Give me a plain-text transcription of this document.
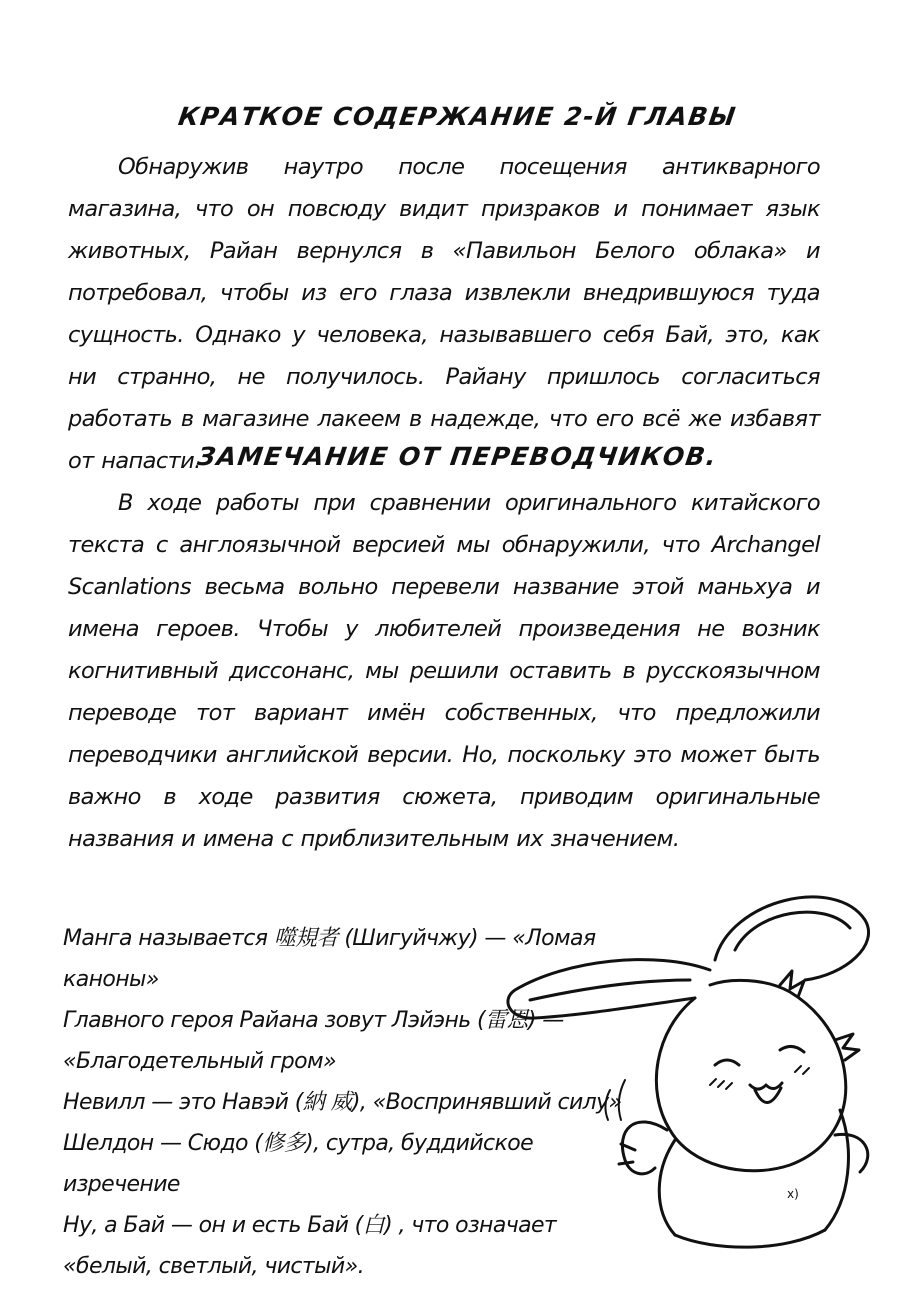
КРАТКОЕ СОДЕРЖАНИЕ 2-Й ГЛАВЫ
Обнаружив наутро после посещения антикварного магазина, что он повсюду видит призраков и понимает язык животных, Райан вернулся в «Павильон Белого облака» и потребовал, чтобы из его глаза извлекли внедрившуюся туда сущность. Однако у человека, называвшего себя Бай, это, как ни странно, не получилось. Райану пришлось согласиться работать в магазине лакеем в надежде, что его всё же избавят от напасти.
ЗАМЕЧАНИЕ ОТ ПЕРЕВОДЧИКОВ.
В ходе работы при сравнении оригинального китайского текста с англоязычной версией мы обнаружили, что Archangel Scanlations весьма вольно перевели название этой маньхуа и имена героев. Чтобы у любителей произведения не возник когнитивный диссонанс, мы решили оставить в русскоязычном переводе тот вариант имён собственных, что предложили переводчики английской версии. Но, поскольку это может быть важно в ходе развития сюжета, приводим оригинальные названия и имена с приблизительным их значением.
Манга называется 噬規者 (Шигуйчжу) — «Ломая каноны»
Главного героя Райана зовут Лэйэнь (雷恩) — «Благодетельный гром»
Невилл — это Навэй (納 威), «Воспринявший силу»
Шелдон — Сюдо (修多), сутра, буддийское изречение
Ну, а Бай — он и есть Бай (白) , что означает «белый, светлый, чистый».
x)
